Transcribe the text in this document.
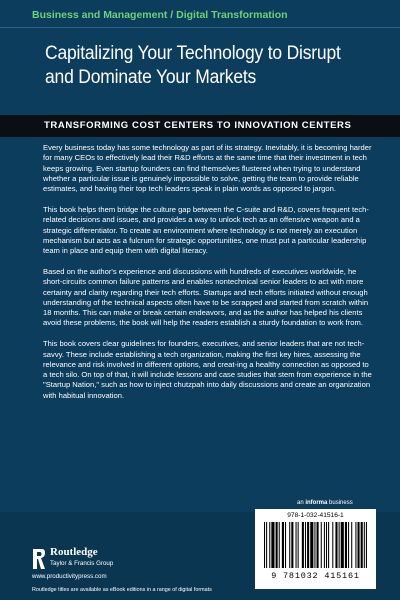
Business and Management / Digital Transformation
Capitalizing Your Technology to Disrupt and Dominate Your Markets
TRANSFORMING COST CENTERS TO INNOVATION CENTERS

Every business today has some technology as part of its strategy. Inevitably, it is becoming harder for many CEOs to effectively lead their R&D efforts at the same time that their investment in tech keeps growing. Even startup founders can find themselves flustered when trying to understand whether a particular issue is genuinely impossible to solve, getting the team to provide reliable estimates, and having their top tech leaders speak in plain words as opposed to jargon.

This book helps them bridge the culture gap between the C-suite and R&D, covers frequent tech-related decisions and issues, and provides a way to unlock tech as an offensive weapon and a strategic differentiator. To create an environment where technology is not merely an execution mechanism but acts as a fulcrum for strategic opportunities, one must put a particular leadership team in place and equip them with digital literacy.

Based on the author's experience and discussions with hundreds of executives worldwide, he short-circuits common failure patterns and enables nontechnical senior leaders to act with more certainty and clarity regarding their tech efforts. Startups and tech efforts initiated without enough understanding of the technical aspects often have to be scrapped and started from scratch within 18 months. This can make or break certain endeavors, and as the author has helped his clients avoid these problems, the book will help the readers establish a sturdy foundation to work from.

This book covers clear guidelines for founders, executives, and senior leaders that are not tech-savvy. These include establishing a tech organization, making the first key hires, assessing the relevance and risk involved in different options, and creat-ing a healthy connection as opposed to a tech silo. On top of that, it will include lessons and case studies that stem from experience in the "Startup Nation," such as how to inject chutzpah into daily discussions and create an organization with habitual innovation.

an informa business
Routledge
Taylor & Francis Group
www.productivitypress.com
Routledge titles are available as eBook editions in a range of digital formats
978-1-032-41516-1
9 781032 415161
